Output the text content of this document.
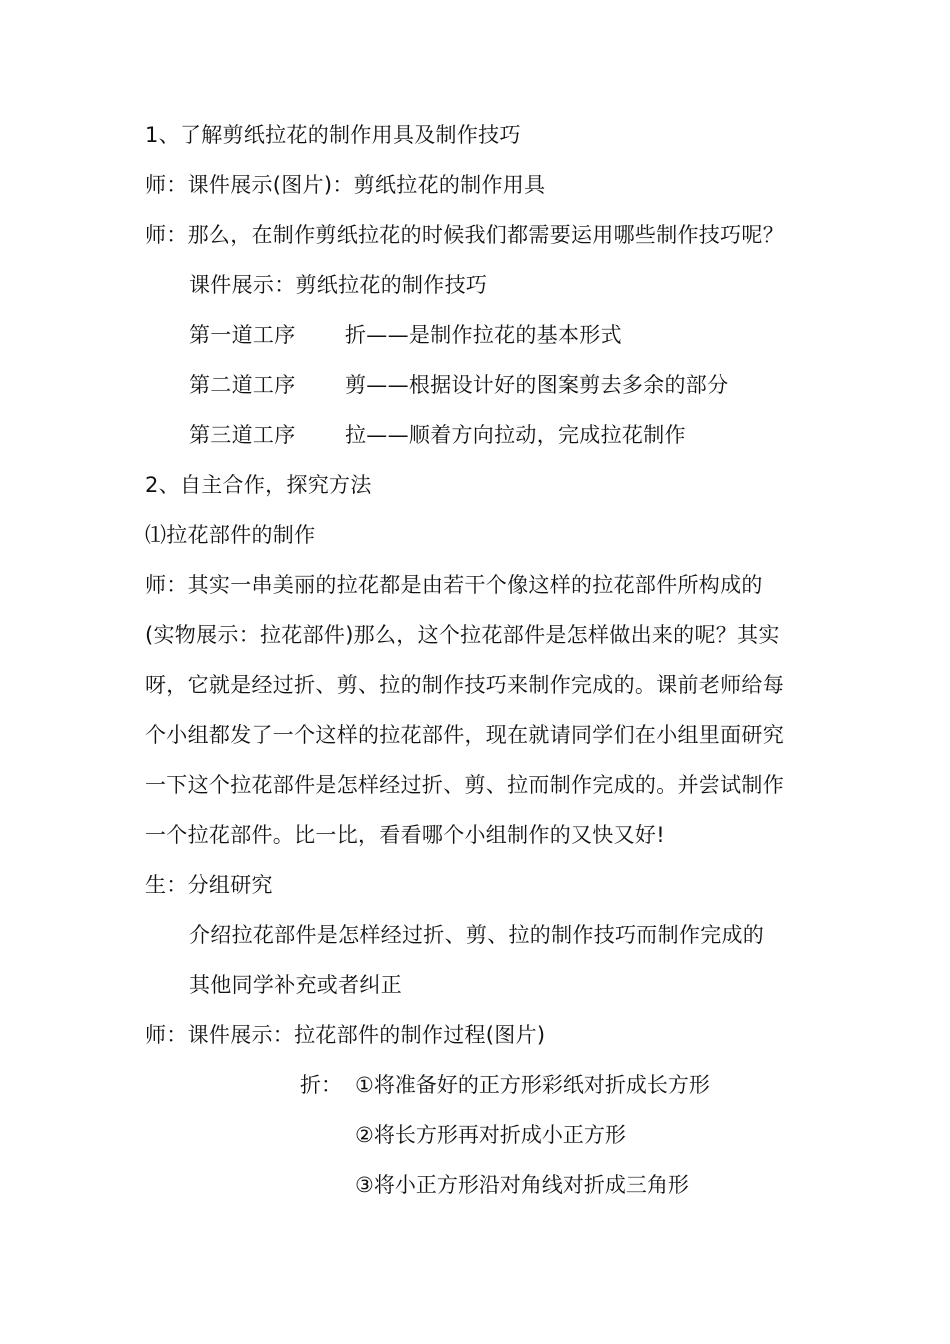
1、了解剪纸拉花的制作用具及制作技巧
师：课件展示(图片)：剪纸拉花的制作用具
师：那么，在制作剪纸拉花的时候我们都需要运用哪些制作技巧呢？
课件展示：剪纸拉花的制作技巧
第一道工序 折——是制作拉花的基本形式
第二道工序 剪——根据设计好的图案剪去多余的部分
第三道工序 拉——顺着方向拉动，完成拉花制作
2、自主合作，探究方法
⑴拉花部件的制作
师：其实一串美丽的拉花都是由若干个像这样的拉花部件所构成的
(实物展示：拉花部件)那么，这个拉花部件是怎样做出来的呢？其实
呀，它就是经过折、剪、拉的制作技巧来制作完成的。课前老师给每
个小组都发了一个这样的拉花部件，现在就请同学们在小组里面研究
一下这个拉花部件是怎样经过折、剪、拉而制作完成的。并尝试制作
一个拉花部件。比一比，看看哪个小组制作的又快又好!
生：分组研究
介绍拉花部件是怎样经过折、剪、拉的制作技巧而制作完成的
其他同学补充或者纠正
师：课件展示：拉花部件的制作过程(图片)
折： ①将准备好的正方形彩纸对折成长方形
②将长方形再对折成小正方形
③将小正方形沿对角线对折成三角形
